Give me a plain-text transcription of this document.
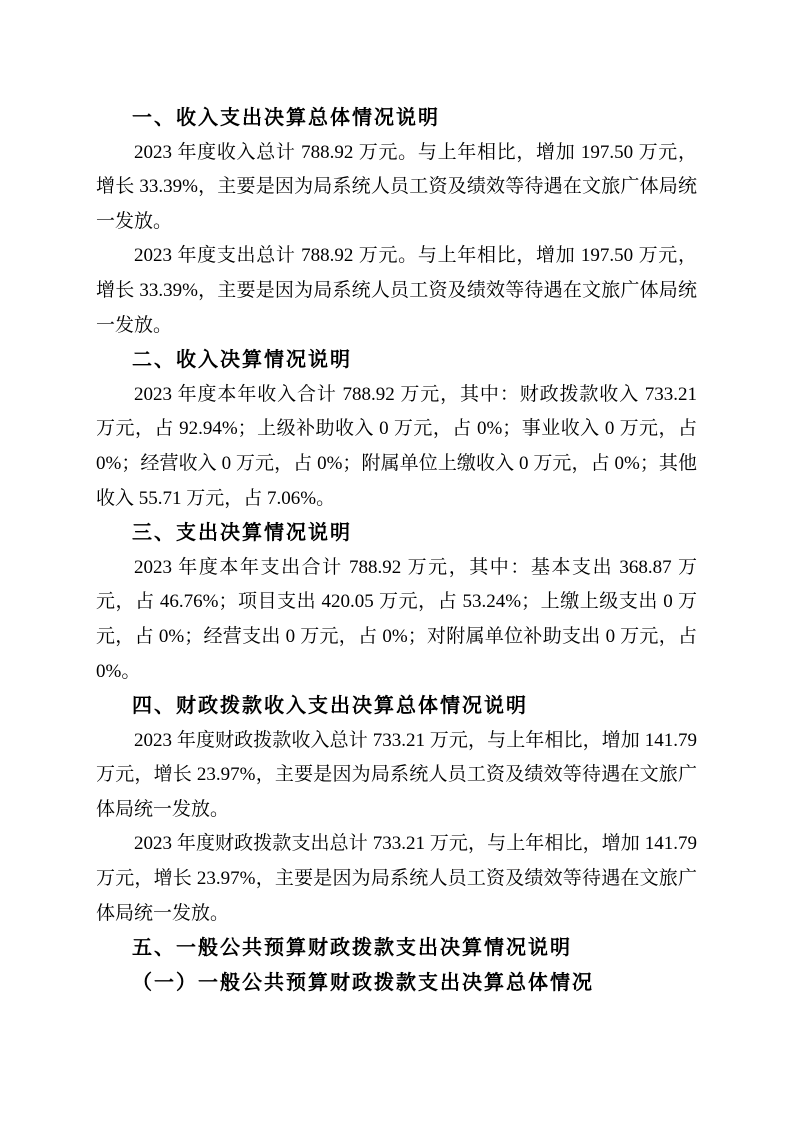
一、收入支出决算总体情况说明

2023 年度收入总计 788.92 万元。与上年相比，增加 197.50 万元，增长 33.39%，主要是因为局系统人员工资及绩效等待遇在文旅广体局统一发放。

2023 年度支出总计 788.92 万元。与上年相比，增加 197.50 万元，增长 33.39%，主要是因为局系统人员工资及绩效等待遇在文旅广体局统一发放。

二、收入决算情况说明

2023 年度本年收入合计 788.92 万元，其中：财政拨款收入 733.21 万元，占 92.94%；上级补助收入 0 万元，占 0%；事业收入 0 万元，占 0%；经营收入 0 万元，占 0%；附属单位上缴收入 0 万元，占 0%；其他收入 55.71 万元，占 7.06%。

三、支出决算情况说明

2023 年度本年支出合计 788.92 万元，其中：基本支出 368.87 万元，占 46.76%；项目支出 420.05 万元，占 53.24%；上缴上级支出 0 万元，占 0%；经营支出 0 万元，占 0%；对附属单位补助支出 0 万元，占 0%。

四、财政拨款收入支出决算总体情况说明

2023 年度财政拨款收入总计 733.21 万元，与上年相比，增加 141.79 万元，增长 23.97%，主要是因为局系统人员工资及绩效等待遇在文旅广体局统一发放。

2023 年度财政拨款支出总计 733.21 万元，与上年相比，增加 141.79 万元，增长 23.97%，主要是因为局系统人员工资及绩效等待遇在文旅广体局统一发放。

五、一般公共预算财政拨款支出决算情况说明
（一）一般公共预算财政拨款支出决算总体情况
